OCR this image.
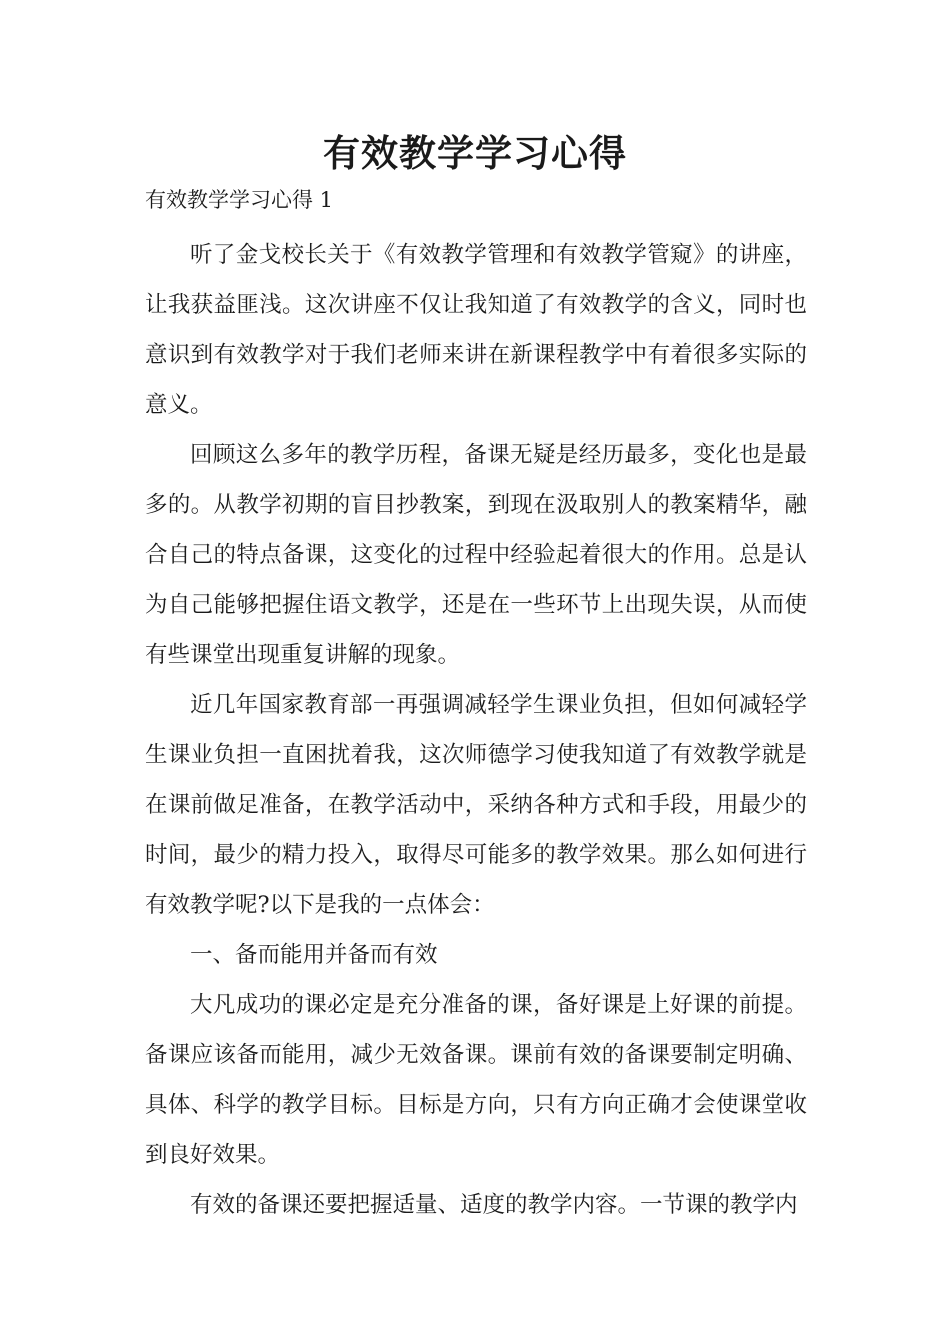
有效教学学习心得
有效教学学习心得 1

听了金戈校长关于《有效教学管理和有效教学管窥》的讲座，让我获益匪浅。这次讲座不仅让我知道了有效教学的含义，同时也意识到有效教学对于我们老师来讲在新课程教学中有着很多实际的意义。

回顾这么多年的教学历程，备课无疑是经历最多，变化也是最多的。从教学初期的盲目抄教案，到现在汲取别人的教案精华，融合自己的特点备课，这变化的过程中经验起着很大的作用。总是认为自己能够把握住语文教学，还是在一些环节上出现失误，从而使有些课堂出现重复讲解的现象。

近几年国家教育部一再强调减轻学生课业负担，但如何减轻学生课业负担一直困扰着我，这次师德学习使我知道了有效教学就是在课前做足准备，在教学活动中，采纳各种方式和手段，用最少的时间，最少的精力投入，取得尽可能多的教学效果。那么如何进行有效教学呢?以下是我的一点体会：

一、备而能用并备而有效

大凡成功的课必定是充分准备的课，备好课是上好课的前提。备课应该备而能用，减少无效备课。课前有效的备课要制定明确、具体、科学的教学目标。目标是方向，只有方向正确才会使课堂收到良好效果。

有效的备课还要把握适量、适度的教学内容。一节课的教学内
